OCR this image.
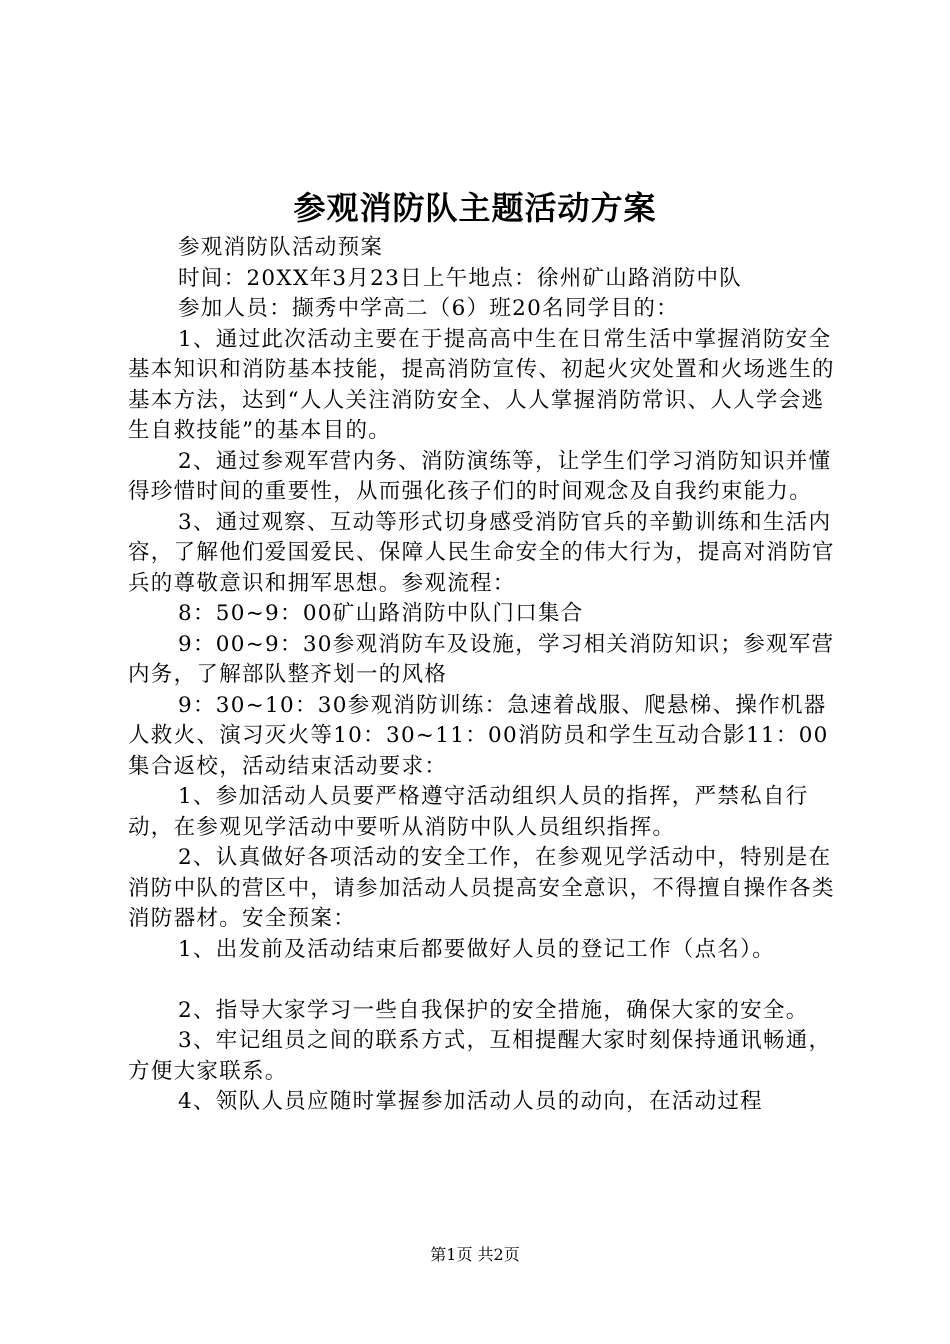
参观消防队主题活动方案

参观消防队活动预案

时间：20XX年3月23日上午地点：徐州矿山路消防中队

参加人员：撷秀中学高二（6）班20名同学目的：

1、通过此次活动主要在于提高高中生在日常生活中掌握消防安全基本知识和消防基本技能，提高消防宣传、初起火灾处置和火场逃生的基本方法，达到“人人关注消防安全、人人掌握消防常识、人人学会逃生自救技能”的基本目的。

2、通过参观军营内务、消防演练等，让学生们学习消防知识并懂得珍惜时间的重要性，从而强化孩子们的时间观念及自我约束能力。

3、通过观察、互动等形式切身感受消防官兵的辛勤训练和生活内容，了解他们爱国爱民、保障人民生命安全的伟大行为，提高对消防官兵的尊敬意识和拥军思想。参观流程：

8：50~9：00矿山路消防中队门口集合

9：00~9：30参观消防车及设施，学习相关消防知识；参观军营内务，了解部队整齐划一的风格

9：30~10：30参观消防训练：急速着战服、爬悬梯、操作机器人救火、演习灭火等10：30~11：00消防员和学生互动合影11：00集合返校，活动结束活动要求：

1、参加活动人员要严格遵守活动组织人员的指挥，严禁私自行动，在参观见学活动中要听从消防中队人员组织指挥。

2、认真做好各项活动的安全工作，在参观见学活动中，特别是在消防中队的营区中，请参加活动人员提高安全意识，不得擅自操作各类消防器材。安全预案：

1、出发前及活动结束后都要做好人员的登记工作（点名）。

2、指导大家学习一些自我保护的安全措施，确保大家的安全。

3、牢记组员之间的联系方式，互相提醒大家时刻保持通讯畅通，方便大家联系。

4、领队人员应随时掌握参加活动人员的动向，在活动过程

第1页 共2页
